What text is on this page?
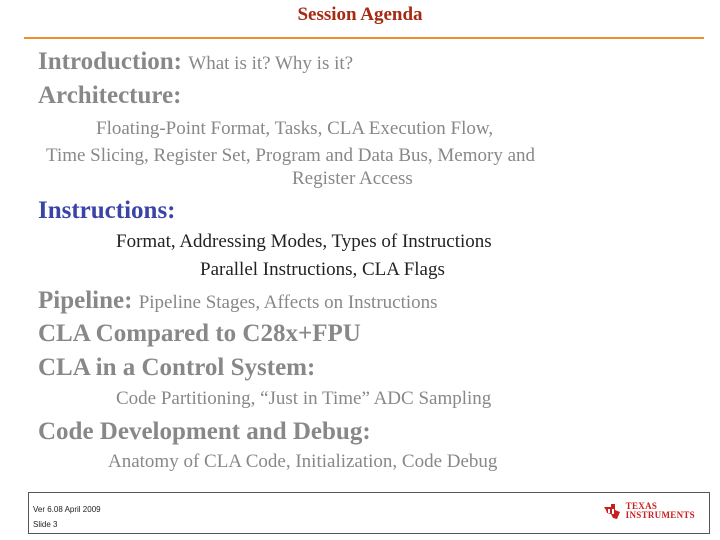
Session Agenda
Introduction: What is it? Why is it?
Architecture:
Floating-Point Format, Tasks, CLA Execution Flow,
Time Slicing, Register Set, Program and Data Bus, Memory and
Register Access
Instructions:
Format, Addressing Modes, Types of Instructions
Parallel Instructions, CLA Flags
Pipeline: Pipeline Stages, Affects on Instructions
CLA Compared to C28x+FPU
CLA in a Control System:
Code Partitioning, “Just in Time” ADC Sampling
Code Development and Debug:
Anatomy of CLA Code, Initialization, Code Debug
Ver 6.08 April 2009
Slide 3
TEXAS
INSTRUMENTS
